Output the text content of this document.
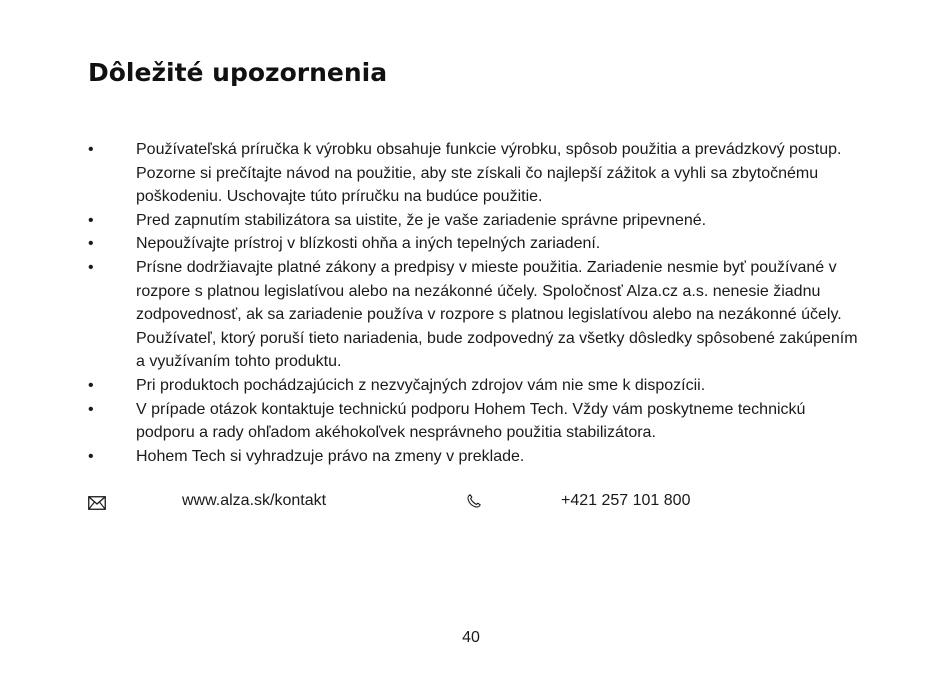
Dôležité upozornenia
• Používateľská príručka k výrobku obsahuje funkcie výrobku, spôsob použitia a prevádzkový postup. Pozorne si prečítajte návod na použitie, aby ste získali čo najlepší zážitok a vyhli sa zbytočnému poškodeniu. Uschovajte túto príručku na budúce použitie.
• Pred zapnutím stabilizátora sa uistite, že je vaše zariadenie správne pripevnené.
• Nepoužívajte prístroj v blízkosti ohňa a iných tepelných zariadení.
• Prísne dodržiavajte platné zákony a predpisy v mieste použitia. Zariadenie nesmie byť používané v rozpore s platnou legislatívou alebo na nezákonné účely. Spoločnosť Alza.cz a.s. nenesie žiadnu zodpovednosť, ak sa zariadenie používa v rozpore s platnou legislatívou alebo na nezákonné účely. Používateľ, ktorý poruší tieto nariadenia, bude zodpovedný za všetky dôsledky spôsobené zakúpením a využívaním tohto produktu.
• Pri produktoch pochádzajúcich z nezvyčajných zdrojov vám nie sme k dispozícii.
• V prípade otázok kontaktuje technickú podporu Hohem Tech. Vždy vám poskytneme technickú podporu a rady ohľadom akéhokoľvek nesprávneho použitia stabilizátora.
• Hohem Tech si vyhradzuje právo na zmeny v preklade.
www.alza.sk/kontakt	+421 257 101 800
40
